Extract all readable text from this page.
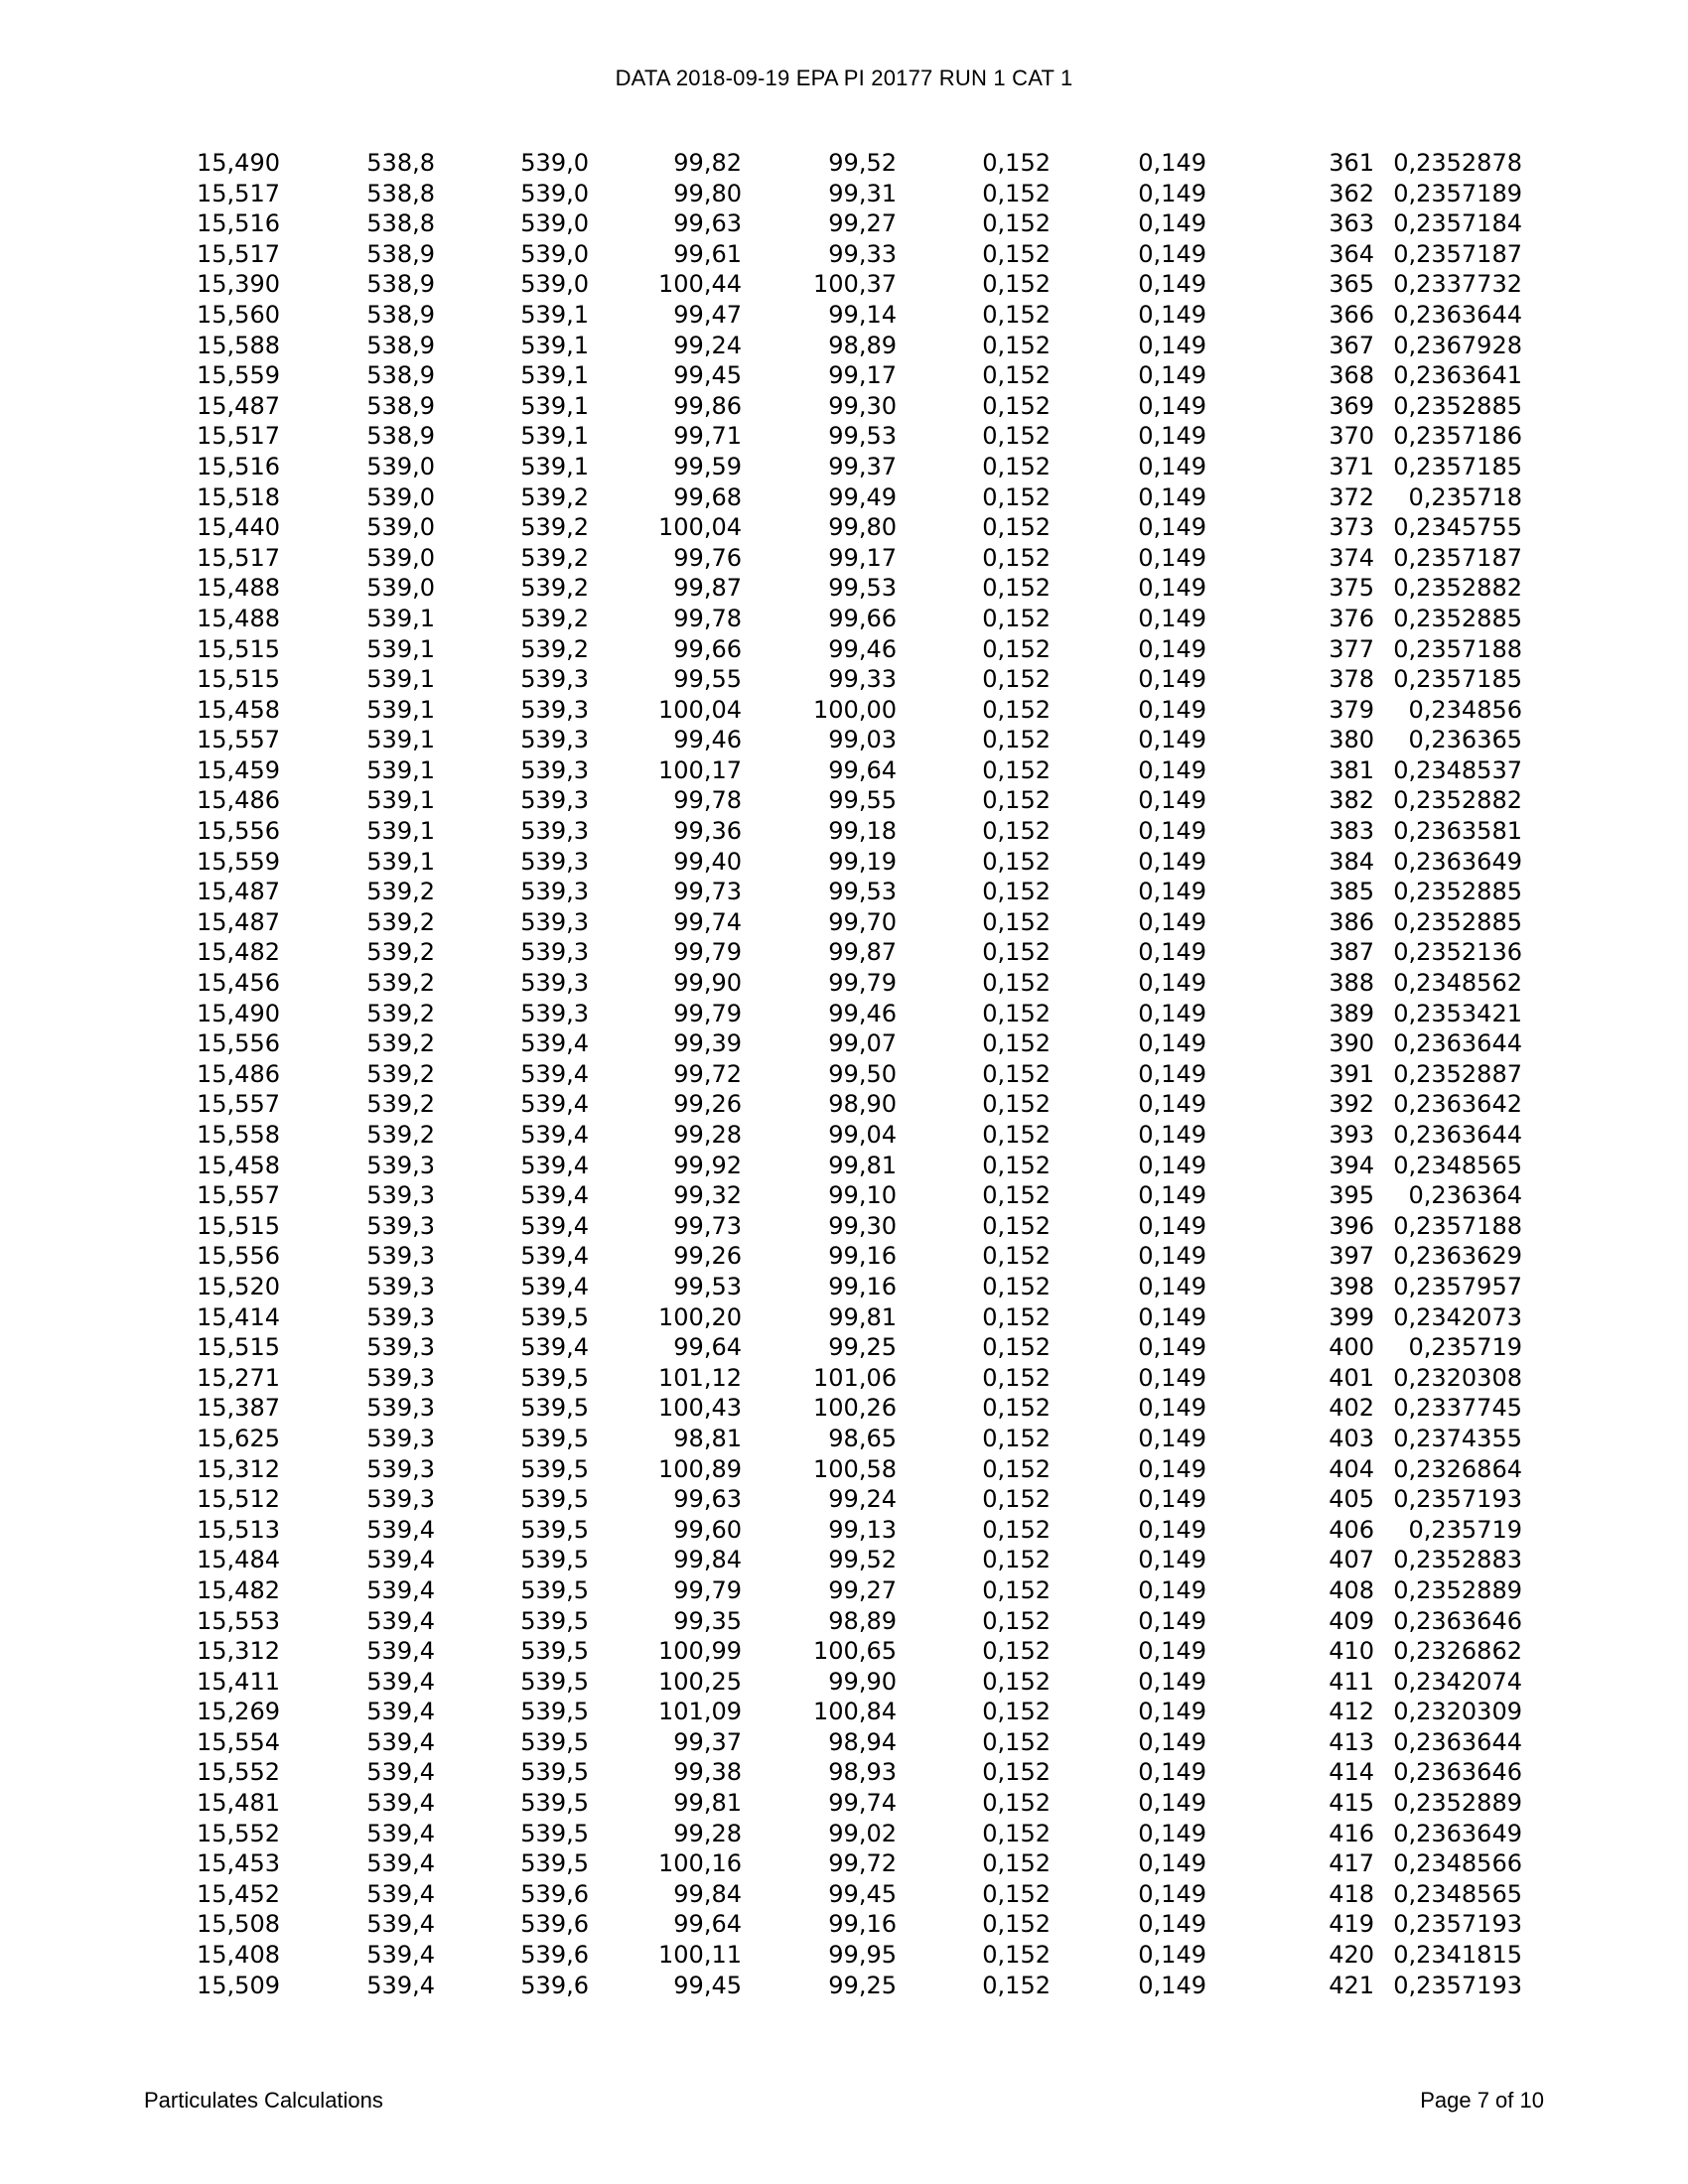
DATA 2018-09-19 EPA PI 20177 RUN 1 CAT 1
15,490	538,8	539,0	99,82	99,52	0,152	0,149	361	0,2352878
15,517	538,8	539,0	99,80	99,31	0,152	0,149	362	0,2357189
15,516	538,8	539,0	99,63	99,27	0,152	0,149	363	0,2357184
15,517	538,9	539,0	99,61	99,33	0,152	0,149	364	0,2357187
15,390	538,9	539,0	100,44	100,37	0,152	0,149	365	0,2337732
15,560	538,9	539,1	99,47	99,14	0,152	0,149	366	0,2363644
15,588	538,9	539,1	99,24	98,89	0,152	0,149	367	0,2367928
15,559	538,9	539,1	99,45	99,17	0,152	0,149	368	0,2363641
15,487	538,9	539,1	99,86	99,30	0,152	0,149	369	0,2352885
15,517	538,9	539,1	99,71	99,53	0,152	0,149	370	0,2357186
15,516	539,0	539,1	99,59	99,37	0,152	0,149	371	0,2357185
15,518	539,0	539,2	99,68	99,49	0,152	0,149	372	0,235718
15,440	539,0	539,2	100,04	99,80	0,152	0,149	373	0,2345755
15,517	539,0	539,2	99,76	99,17	0,152	0,149	374	0,2357187
15,488	539,0	539,2	99,87	99,53	0,152	0,149	375	0,2352882
15,488	539,1	539,2	99,78	99,66	0,152	0,149	376	0,2352885
15,515	539,1	539,2	99,66	99,46	0,152	0,149	377	0,2357188
15,515	539,1	539,3	99,55	99,33	0,152	0,149	378	0,2357185
15,458	539,1	539,3	100,04	100,00	0,152	0,149	379	0,234856
15,557	539,1	539,3	99,46	99,03	0,152	0,149	380	0,236365
15,459	539,1	539,3	100,17	99,64	0,152	0,149	381	0,2348537
15,486	539,1	539,3	99,78	99,55	0,152	0,149	382	0,2352882
15,556	539,1	539,3	99,36	99,18	0,152	0,149	383	0,2363581
15,559	539,1	539,3	99,40	99,19	0,152	0,149	384	0,2363649
15,487	539,2	539,3	99,73	99,53	0,152	0,149	385	0,2352885
15,487	539,2	539,3	99,74	99,70	0,152	0,149	386	0,2352885
15,482	539,2	539,3	99,79	99,87	0,152	0,149	387	0,2352136
15,456	539,2	539,3	99,90	99,79	0,152	0,149	388	0,2348562
15,490	539,2	539,3	99,79	99,46	0,152	0,149	389	0,2353421
15,556	539,2	539,4	99,39	99,07	0,152	0,149	390	0,2363644
15,486	539,2	539,4	99,72	99,50	0,152	0,149	391	0,2352887
15,557	539,2	539,4	99,26	98,90	0,152	0,149	392	0,2363642
15,558	539,2	539,4	99,28	99,04	0,152	0,149	393	0,2363644
15,458	539,3	539,4	99,92	99,81	0,152	0,149	394	0,2348565
15,557	539,3	539,4	99,32	99,10	0,152	0,149	395	0,236364
15,515	539,3	539,4	99,73	99,30	0,152	0,149	396	0,2357188
15,556	539,3	539,4	99,26	99,16	0,152	0,149	397	0,2363629
15,520	539,3	539,4	99,53	99,16	0,152	0,149	398	0,2357957
15,414	539,3	539,5	100,20	99,81	0,152	0,149	399	0,2342073
15,515	539,3	539,4	99,64	99,25	0,152	0,149	400	0,235719
15,271	539,3	539,5	101,12	101,06	0,152	0,149	401	0,2320308
15,387	539,3	539,5	100,43	100,26	0,152	0,149	402	0,2337745
15,625	539,3	539,5	98,81	98,65	0,152	0,149	403	0,2374355
15,312	539,3	539,5	100,89	100,58	0,152	0,149	404	0,2326864
15,512	539,3	539,5	99,63	99,24	0,152	0,149	405	0,2357193
15,513	539,4	539,5	99,60	99,13	0,152	0,149	406	0,235719
15,484	539,4	539,5	99,84	99,52	0,152	0,149	407	0,2352883
15,482	539,4	539,5	99,79	99,27	0,152	0,149	408	0,2352889
15,553	539,4	539,5	99,35	98,89	0,152	0,149	409	0,2363646
15,312	539,4	539,5	100,99	100,65	0,152	0,149	410	0,2326862
15,411	539,4	539,5	100,25	99,90	0,152	0,149	411	0,2342074
15,269	539,4	539,5	101,09	100,84	0,152	0,149	412	0,2320309
15,554	539,4	539,5	99,37	98,94	0,152	0,149	413	0,2363644
15,552	539,4	539,5	99,38	98,93	0,152	0,149	414	0,2363646
15,481	539,4	539,5	99,81	99,74	0,152	0,149	415	0,2352889
15,552	539,4	539,5	99,28	99,02	0,152	0,149	416	0,2363649
15,453	539,4	539,5	100,16	99,72	0,152	0,149	417	0,2348566
15,452	539,4	539,6	99,84	99,45	0,152	0,149	418	0,2348565
15,508	539,4	539,6	99,64	99,16	0,152	0,149	419	0,2357193
15,408	539,4	539,6	100,11	99,95	0,152	0,149	420	0,2341815
15,509	539,4	539,6	99,45	99,25	0,152	0,149	421	0,2357193
Particulates Calculations	Page 7 of 10
